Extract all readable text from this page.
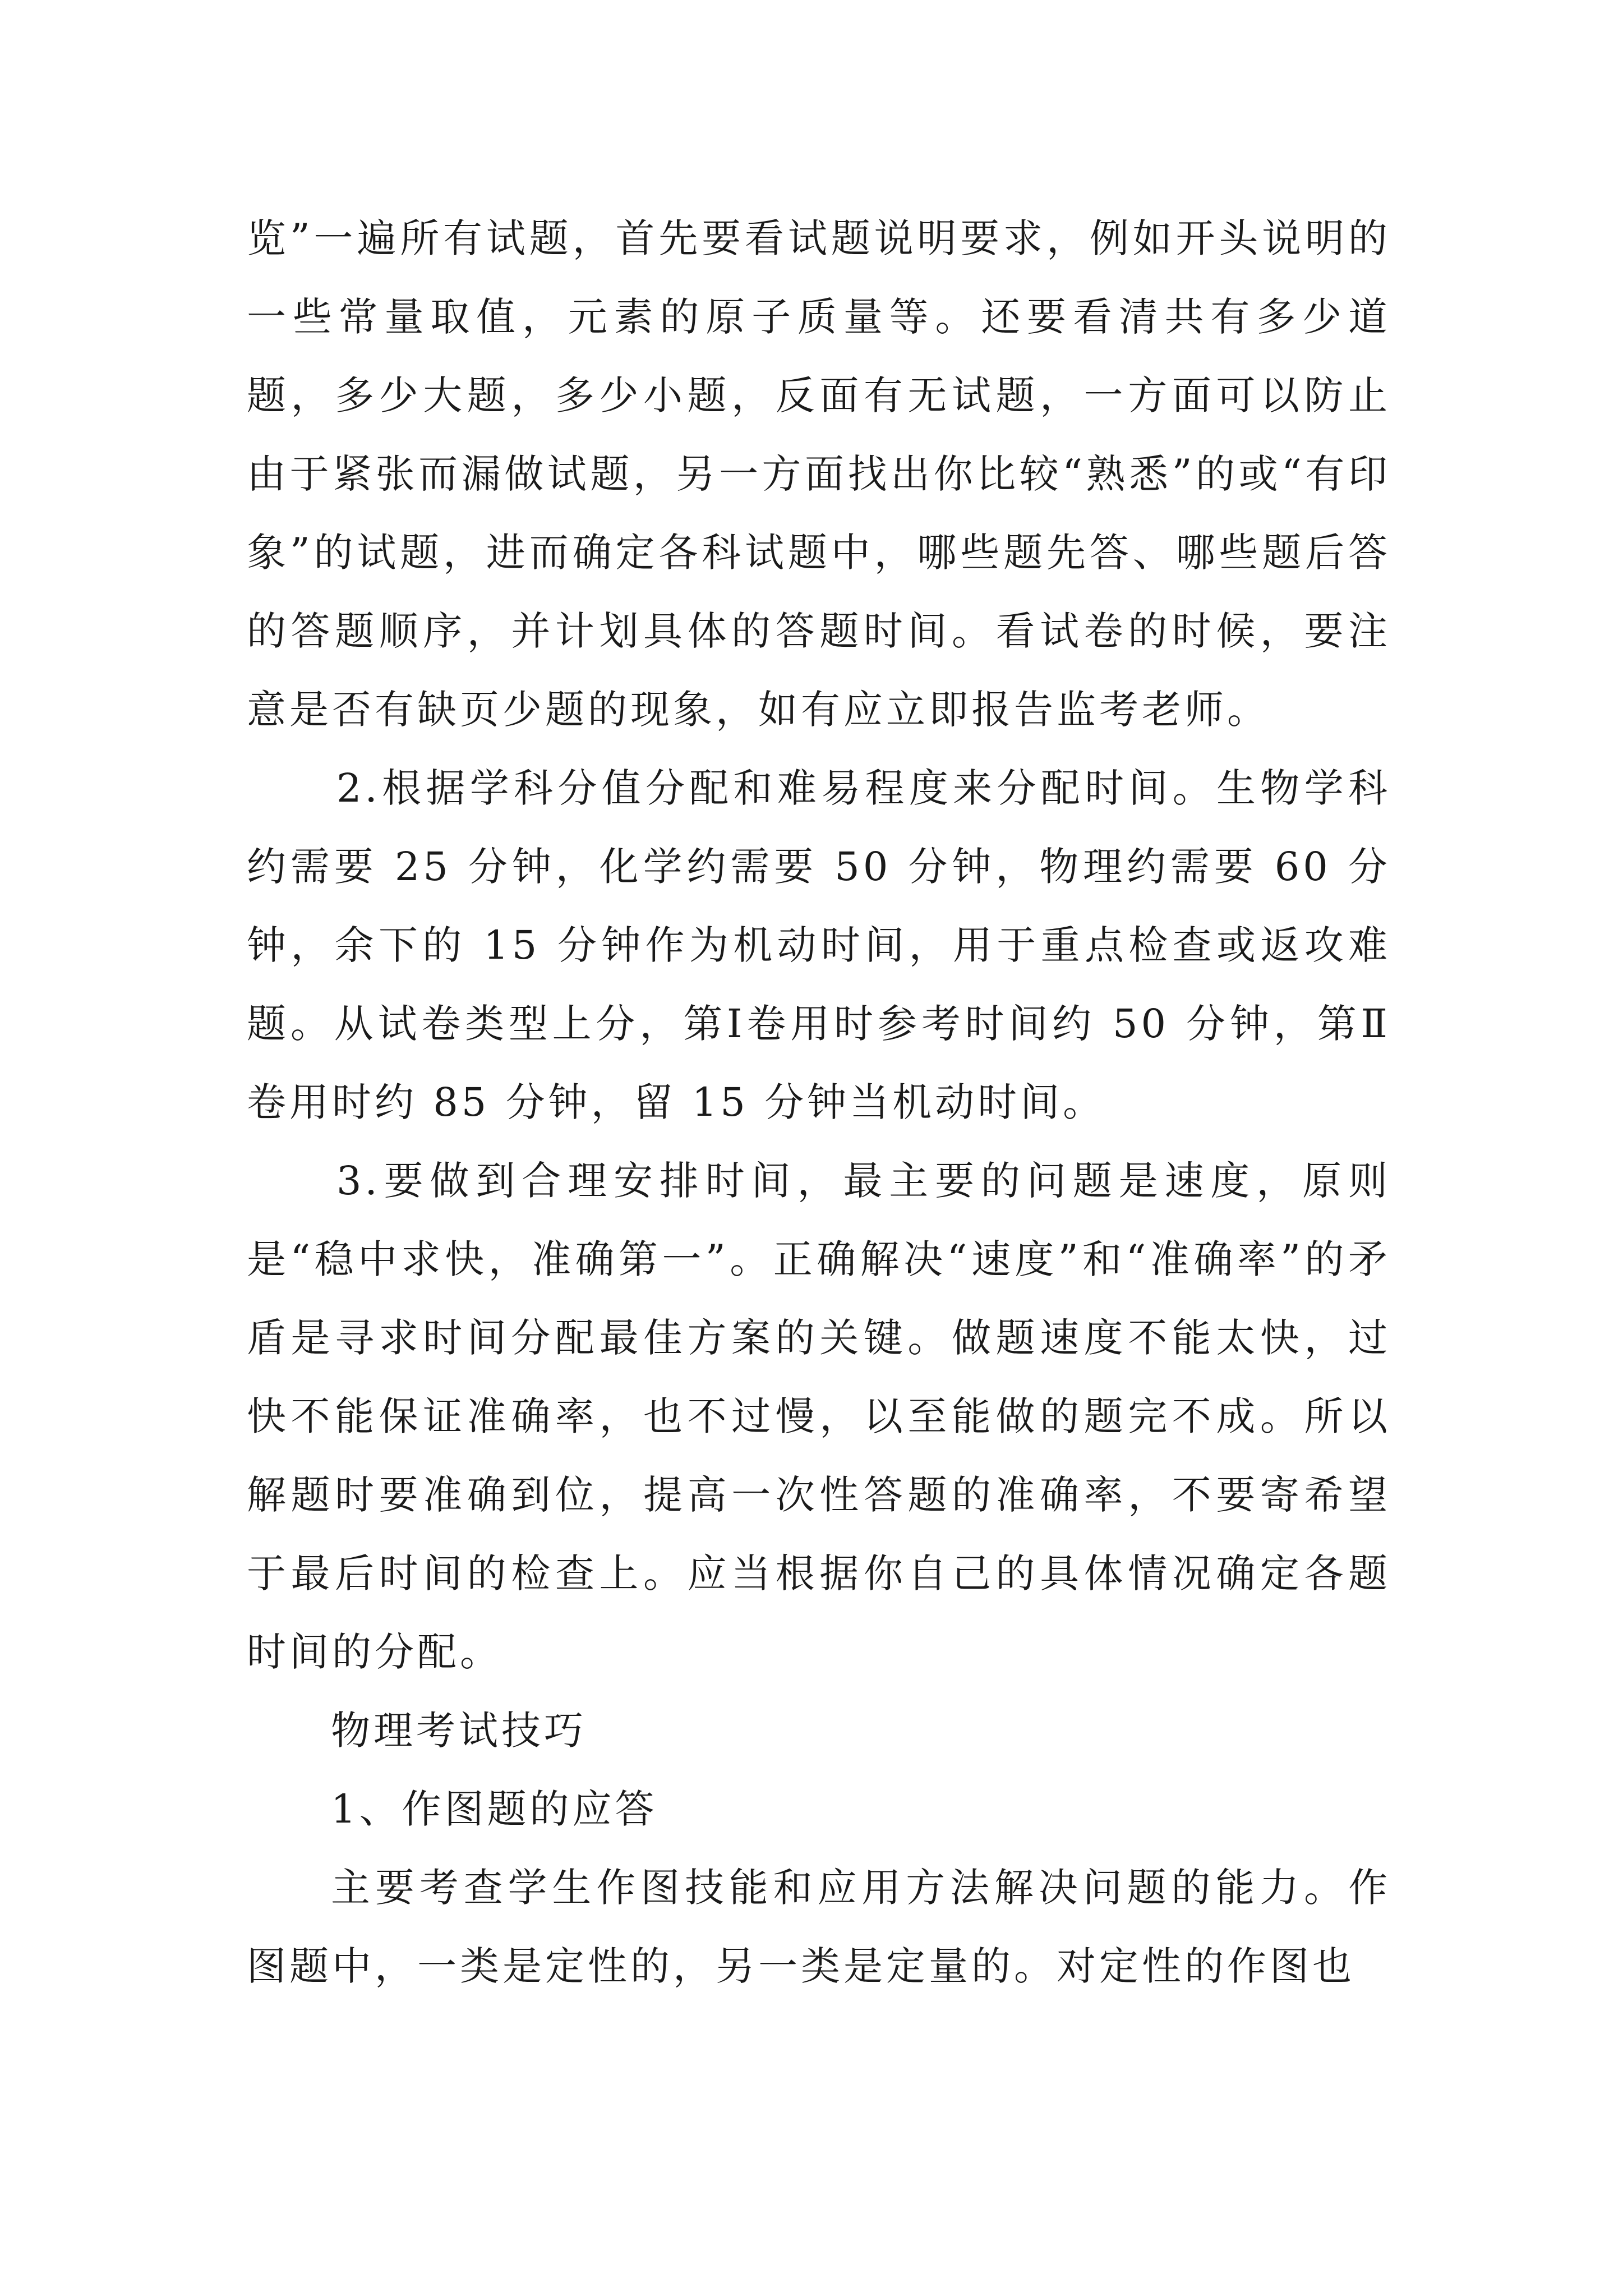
览”一遍所有试题，首先要看试题说明要求，例如开头说明的一些常量取值，元素的原子质量等。还要看清共有多少道题，多少大题，多少小题，反面有无试题，一方面可以防止由于紧张而漏做试题，另一方面找出你比较“熟悉”的或“有印象”的试题，进而确定各科试题中，哪些题先答、哪些题后答的答题顺序，并计划具体的答题时间。看试卷的时候，要注意是否有缺页少题的现象，如有应立即报告监考老师。

2.根据学科分值分配和难易程度来分配时间。生物学科约需要 25 分钟，化学约需要 50 分钟，物理约需要 60 分钟，余下的 15 分钟作为机动时间，用于重点检查或返攻难题。从试卷类型上分，第Ⅰ卷用时参考时间约 50 分钟，第Ⅱ卷用时约 85 分钟，留 15 分钟当机动时间。

3.要做到合理安排时间，最主要的问题是速度，原则是“稳中求快，准确第一”。正确解决“速度”和“准确率”的矛盾是寻求时间分配最佳方案的关键。做题速度不能太快，过快不能保证准确率，也不过慢，以至能做的题完不成。所以解题时要准确到位，提高一次性答题的准确率，不要寄希望于最后时间的检查上。应当根据你自己的具体情况确定各题时间的分配。

物理考试技巧

1、作图题的应答

主要考查学生作图技能和应用方法解决问题的能力。作图题中，一类是定性的，另一类是定量的。对定性的作图也
